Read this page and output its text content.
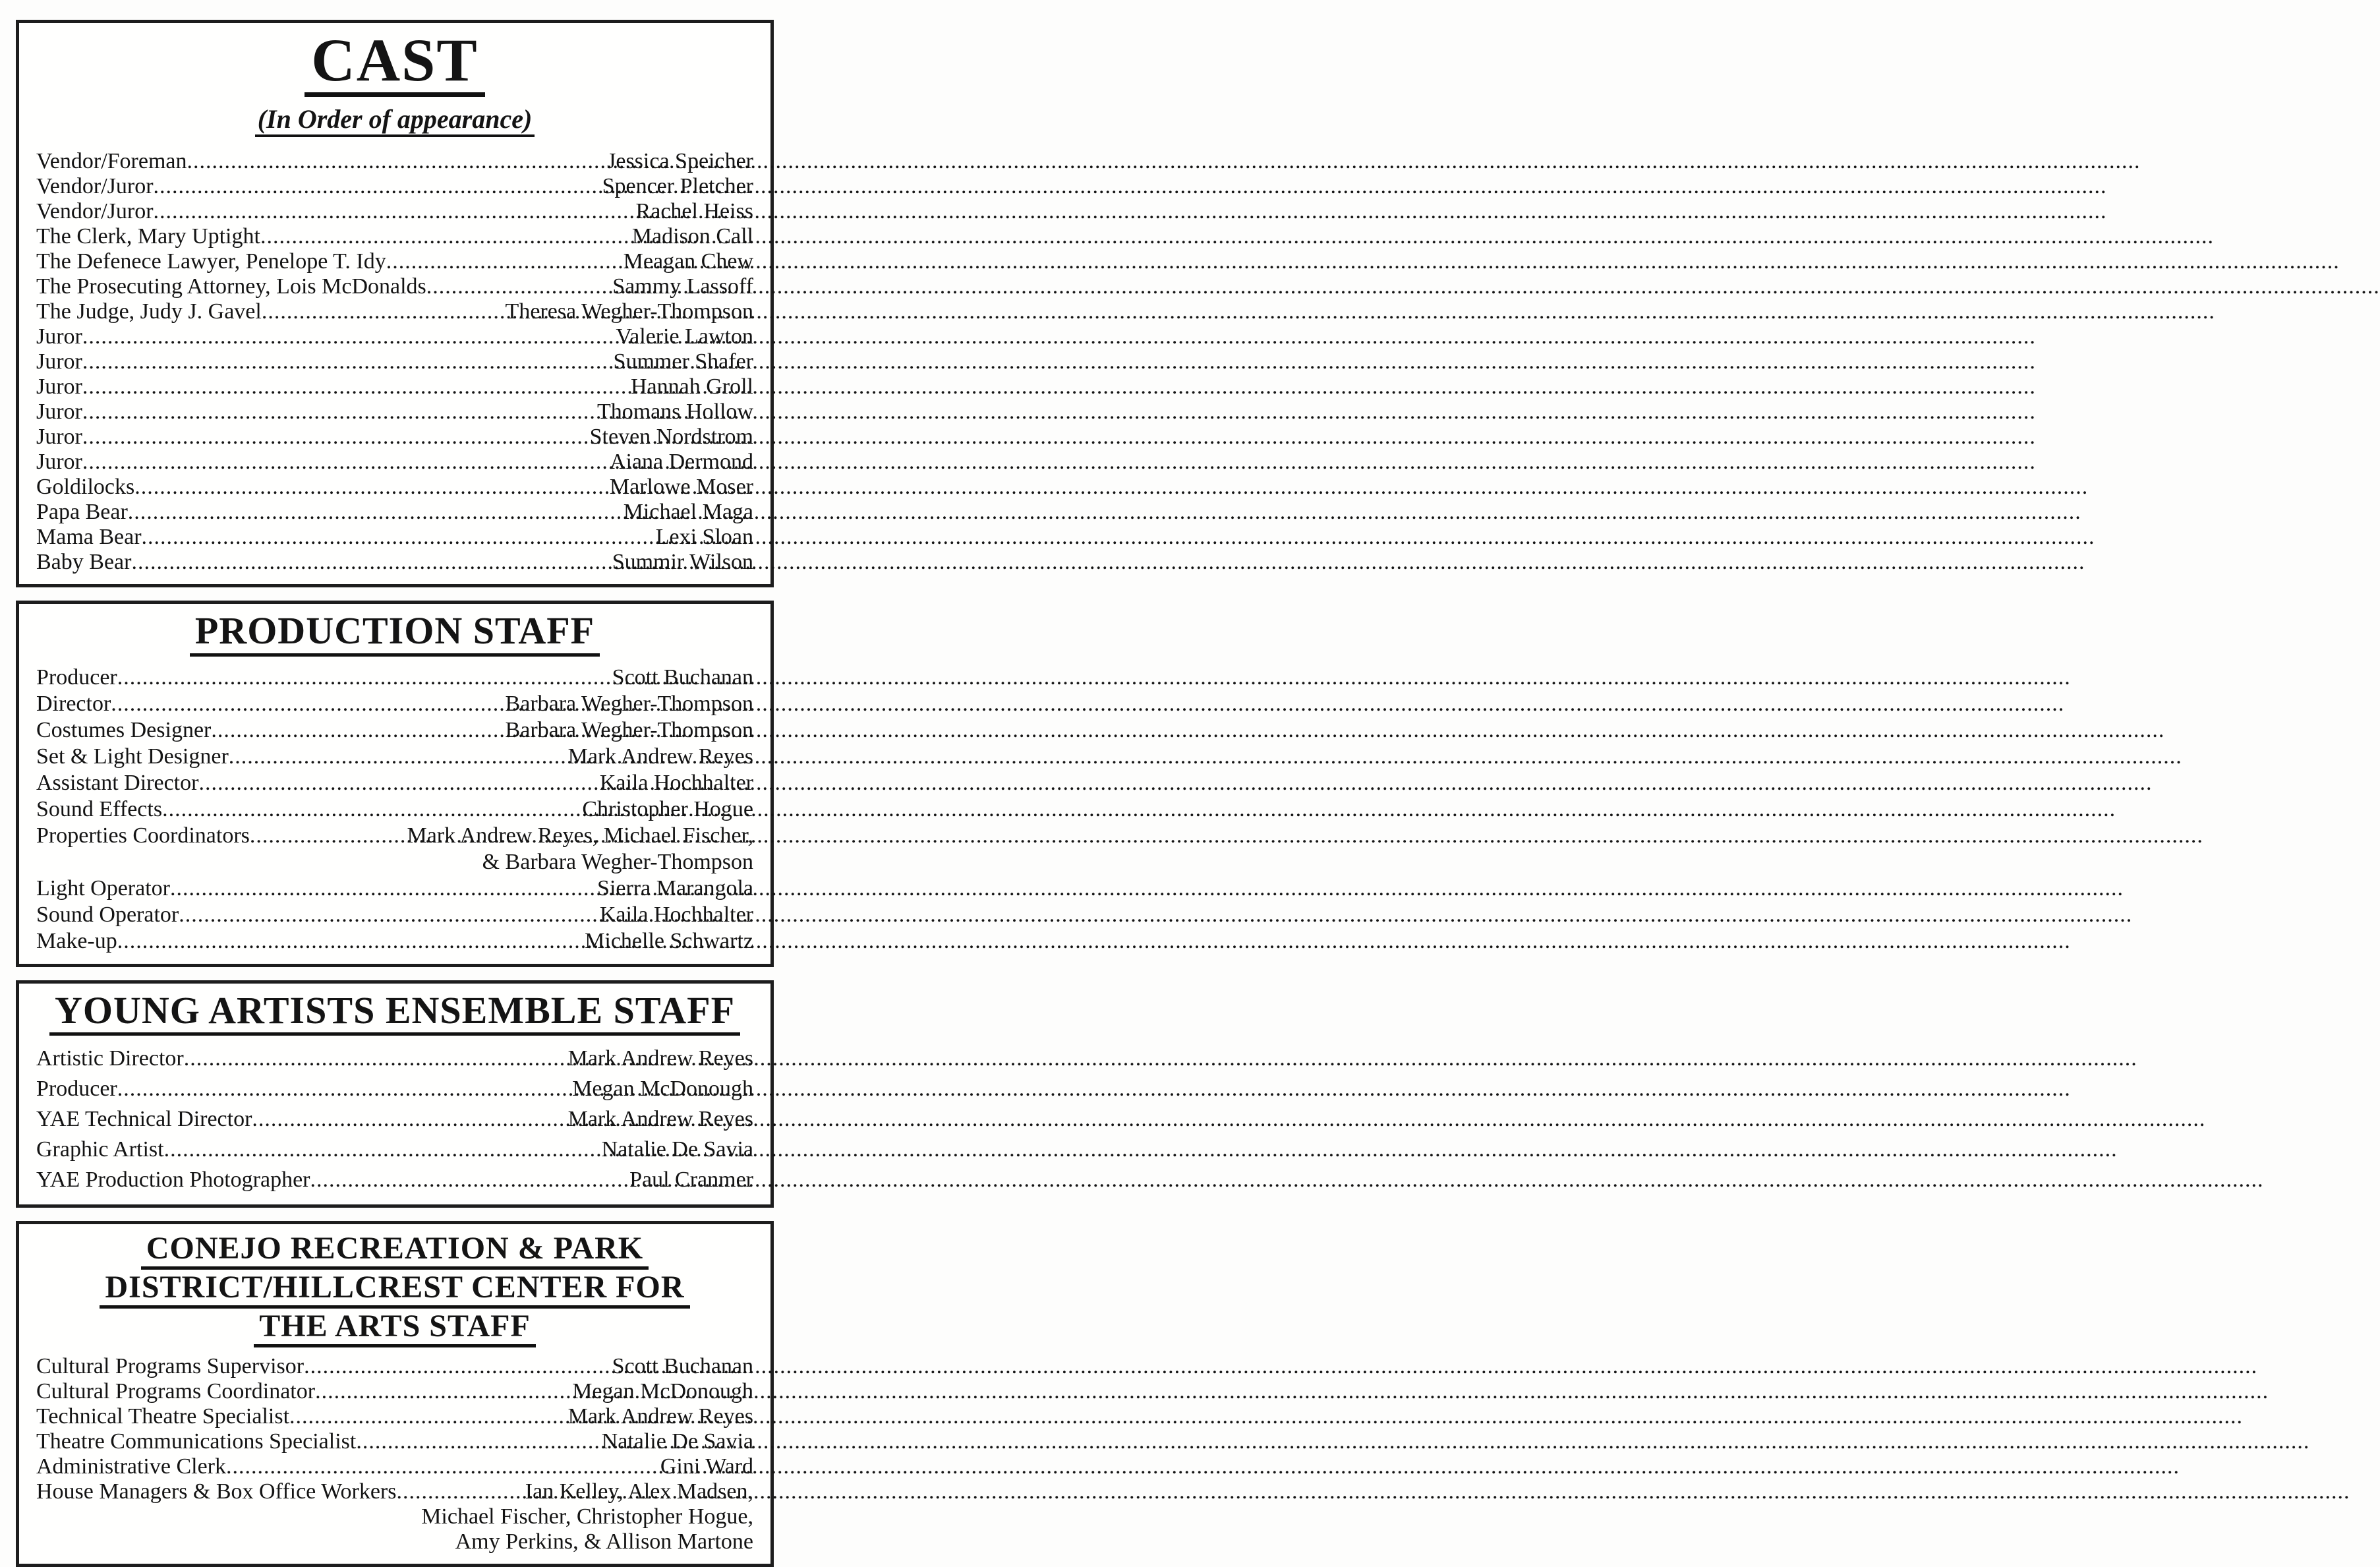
CAST
(In Order of appearance)
Vendor/Foreman .....	Jessica Speicher
Vendor/Juror .....	Spencer Pletcher
Vendor/Juror .....	Rachel Heiss
The Clerk, Mary Uptight .....	Madison Call
The Defenece Lawyer, Penelope T. Idy .....	Meagan Chew
The Prosecuting Attorney, Lois McDonalds .....	Sammy Lassoff
The Judge, Judy J. Gavel .....	Theresa Wegher-Thompson
Juror .....	Valerie Lawton
Juror .....	Summer Shafer
Juror .....	Hannah Groll
Juror .....	Thomans Hollow
Juror .....	Steven Nordstrom
Juror .....	Aiana Dermond
Goldilocks .....	Marlowe Moser
Papa Bear .....	Michael Maga
Mama Bear .....	Lexi Sloan
Baby Bear .....	Summir Wilson
PRODUCTION STAFF
Producer .....	Scott Buchanan
Director .....	Barbara Wegher-Thompson
Costumes Designer .....	Barbara Wegher-Thompson
Set & Light Designer .....	Mark Andrew Reyes
Assistant Director .....	Kaila Hochhalter
Sound Effects .....	Christopher Hogue
Properties Coordinators .....	Mark Andrew Reyes, Michael Fischer,
& Barbara Wegher-Thompson
Light Operator .....	Sierra Marangola
Sound Operator .....	Kaila Hochhalter
Make-up .....	Michelle Schwartz
YOUNG ARTISTS ENSEMBLE STAFF
Artistic Director .....	Mark Andrew Reyes
Producer .....	Megan McDonough
YAE Technical Director .....	Mark Andrew Reyes
Graphic Artist .....	Natalie De Savia
YAE Production Photographer .....	Paul Cranmer
CONEJO RECREATION & PARK
DISTRICT/HILLCREST CENTER FOR
THE ARTS STAFF
Cultural Programs Supervisor .....	Scott Buchanan
Cultural Programs Coordinator .....	Megan McDonough
Technical Theatre Specialist .....	Mark Andrew Reyes
Theatre Communications Specialist .....	Natalie De Savia
Administrative Clerk .....	Gini Ward
House Managers & Box Office Workers .....	Ian Kelley, Alex Madsen,
Michael Fischer, Christopher Hogue,
Amy Perkins, & Allison Martone
